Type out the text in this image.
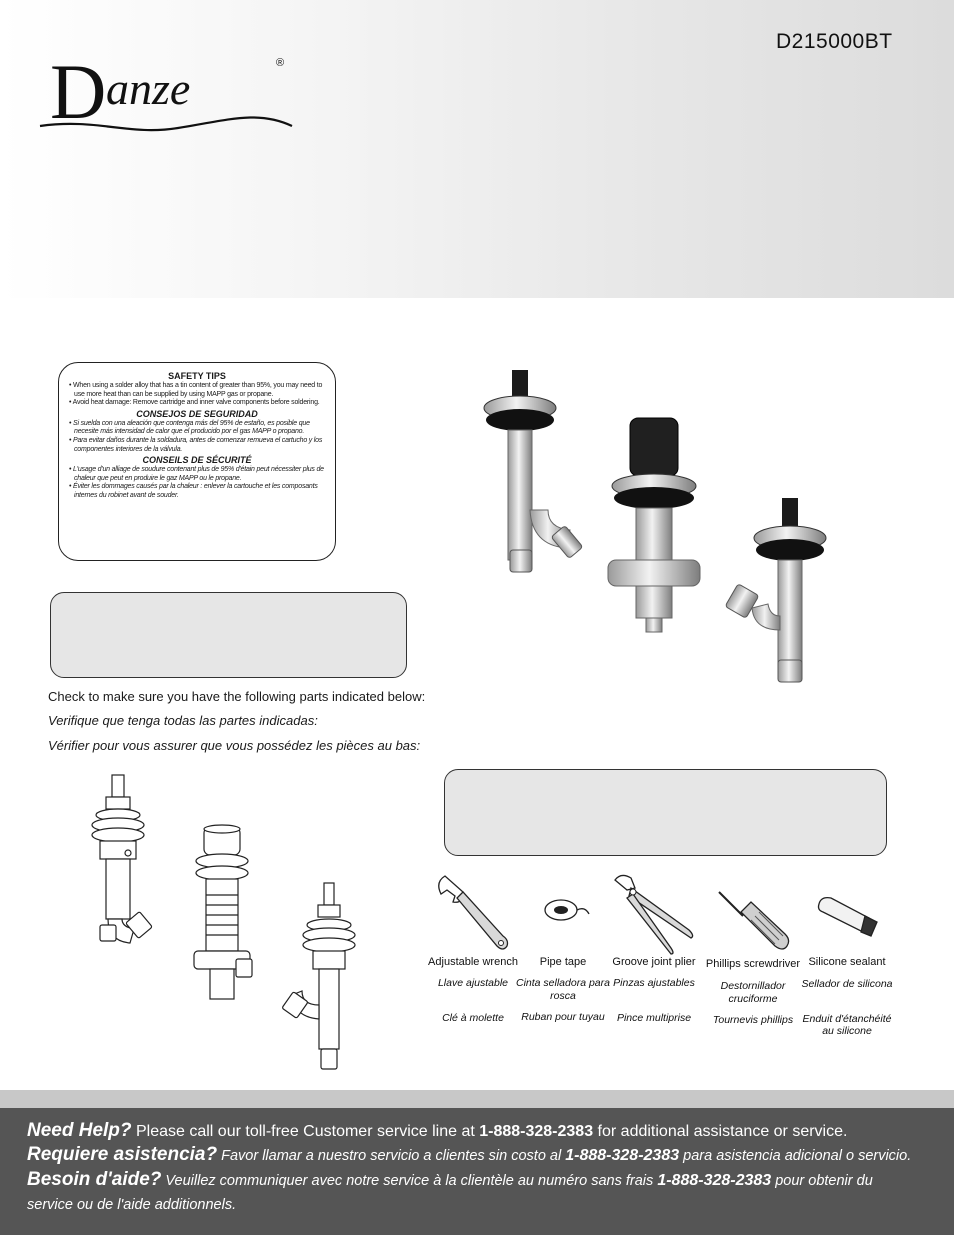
D anze	®
D215000BT
SAFETY TIPS
• When using a solder alloy that has a tin content of greater than 95%, you may need to use more heat than can be supplied by using MAPP gas or propane.
• Avoid heat damage: Remove cartridge and inner valve components before soldering.
CONSEJOS DE SEGURIDAD
• Si suelda con una aleación que contenga más del 95% de estaño, es posible que necesite más intensidad de calor que el producido por el gas MAPP o propano.
• Para evitar daños durante la soldadura, antes de comenzar remueva el cartucho y los componentes interiores de la válvula.
CONSEILS DE SÉCURITÉ
• L'usage d'un alliage de soudure contenant plus de 95% d'étain peut nécessiter plus de chaleur que peut en produire le gaz MAPP ou le propane.
• Éviter les dommages causés par la chaleur : enlever la cartouche et les composants internes du robinet avant de souder.
Check to make sure you have the following parts indicated below:
Verifique que tenga todas las partes indicadas:
Vérifier pour vous assurer que vous possédez les pièces au bas:
Adjustable wrench
Llave ajustable
Clé à molette
Pipe tape
Cinta selladora para rosca
Ruban pour tuyau
Groove joint plier
Pinzas ajustables
Pince multiprise
Phillips screwdriver
Destornillador cruciforme
Tournevis phillips
Silicone sealant
Sellador de silicona
Enduit d'étanchéité au silicone

Need Help? Please call our toll-free Customer service line at 1-888-328-2383 for additional assistance or service.

Requiere asistencia? Favor llamar a nuestro servicio a clientes sin costo al 1-888-328-2383 para asistencia adicional o servicio.

Besoin d'aide? Veuillez communiquer avec notre service à la clientèle au numéro sans frais 1-888-328-2383 pour obtenir du

service ou de l'aide additionnels.
